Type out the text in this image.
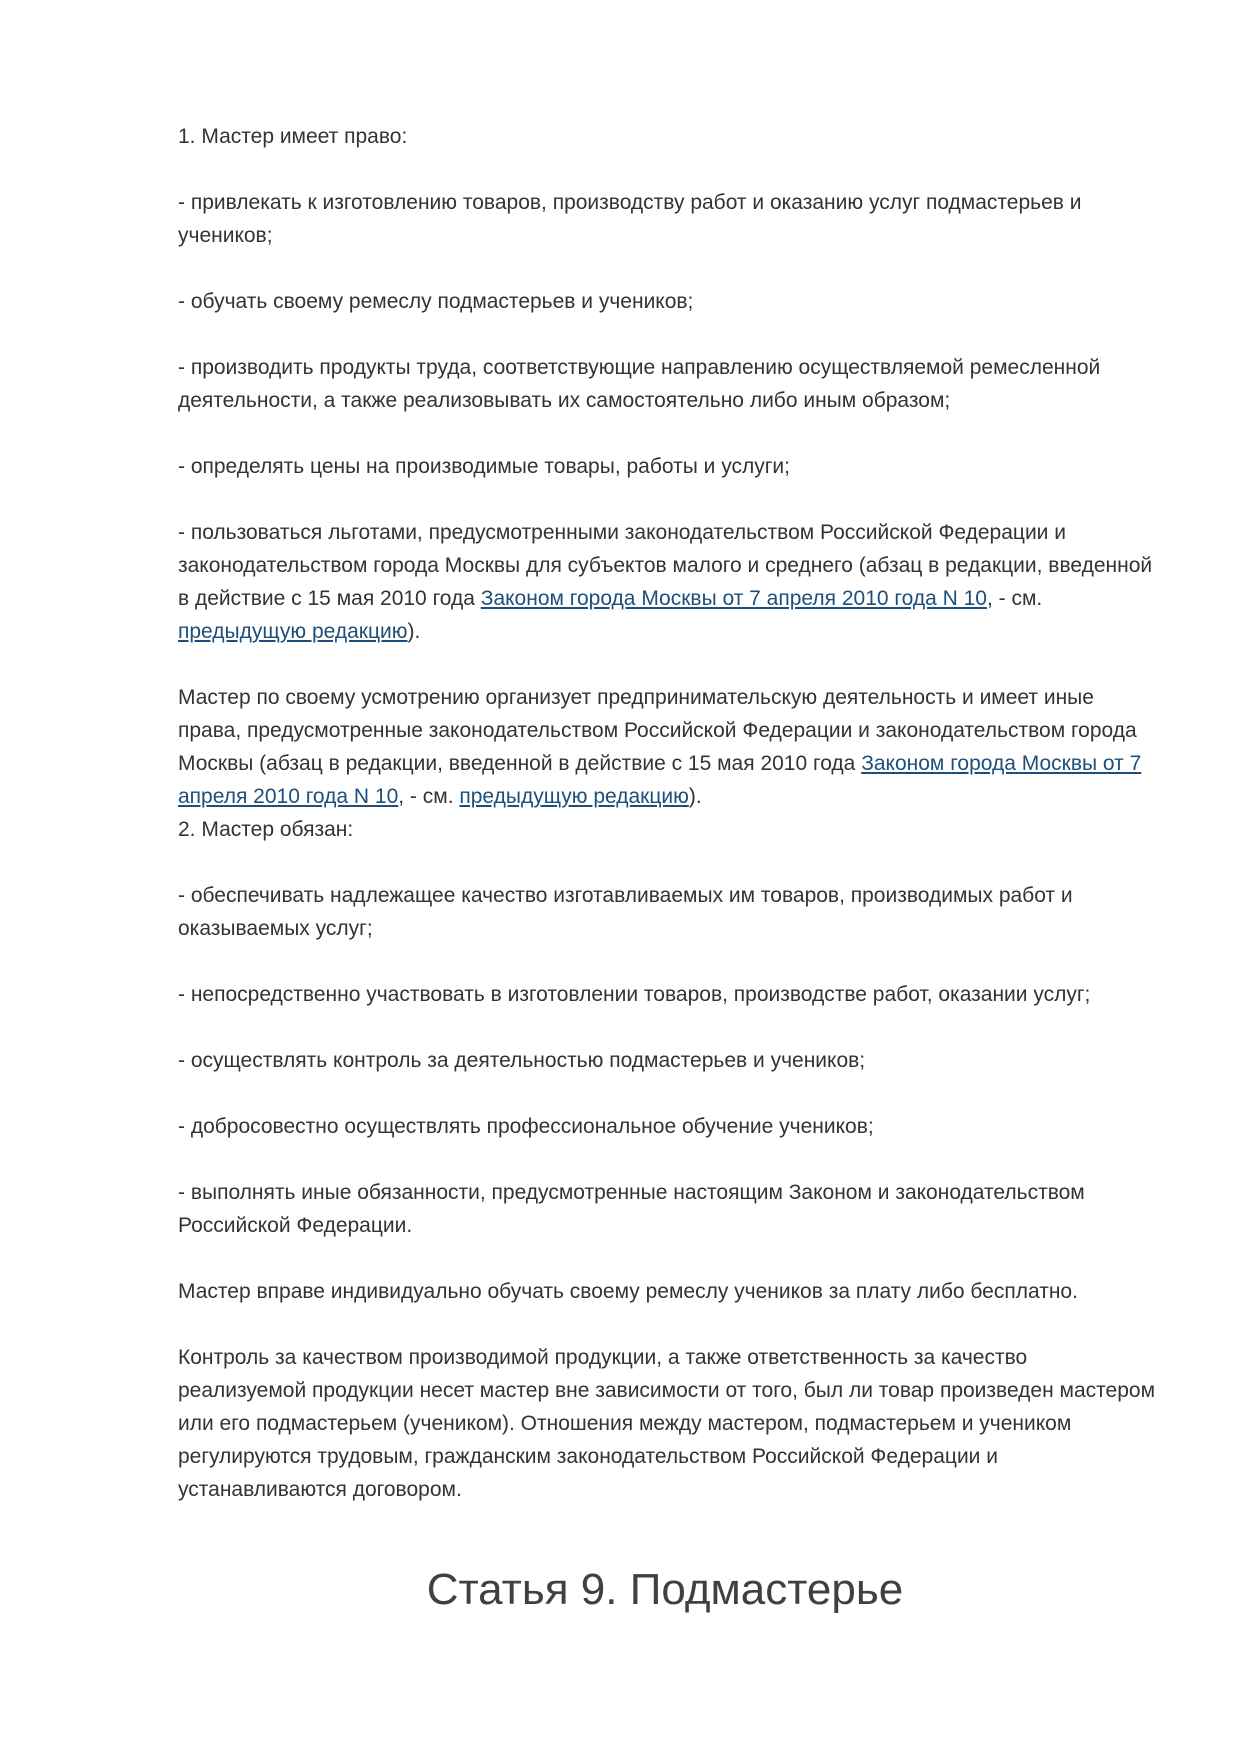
1. Мастер имеет право:

- привлекать к изготовлению товаров, производству работ и оказанию услуг подмастерьев и учеников;

- обучать своему ремеслу подмастерьев и учеников;

- производить продукты труда, соответствующие направлению осуществляемой ремесленной деятельности, а также реализовывать их самостоятельно либо иным образом;

- определять цены на производимые товары, работы и услуги;

- пользоваться льготами, предусмотренными законодательством Российской Федерации и законодательством города Москвы для субъектов малого и среднего (абзац в редакции, введенной в действие с 15 мая 2010 года Законом города Москвы от 7 апреля 2010 года N 10, - см. предыдущую редакцию).

Мастер по своему усмотрению организует предпринимательскую деятельность и имеет иные права, предусмотренные законодательством Российской Федерации и законодательством города Москвы (абзац в редакции, введенной в действие с 15 мая 2010 года Законом города Москвы от 7 апреля 2010 года N 10, - см. предыдущую редакцию).

2. Мастер обязан:

- обеспечивать надлежащее качество изготавливаемых им товаров, производимых работ и оказываемых услуг;

- непосредственно участвовать в изготовлении товаров, производстве работ, оказании услуг;

- осуществлять контроль за деятельностью подмастерьев и учеников;

- добросовестно осуществлять профессиональное обучение учеников;

- выполнять иные обязанности, предусмотренные настоящим Законом и законодательством Российской Федерации.

Мастер вправе индивидуально обучать своему ремеслу учеников за плату либо бесплатно.

Контроль за качеством производимой продукции, а также ответственность за качество реализуемой продукции несет мастер вне зависимости от того, был ли товар произведен мастером или его подмастерьем (учеником). Отношения между мастером, подмастерьем и учеником регулируются трудовым, гражданским законодательством Российской Федерации и устанавливаются договором.

Статья 9. Подмастерье
